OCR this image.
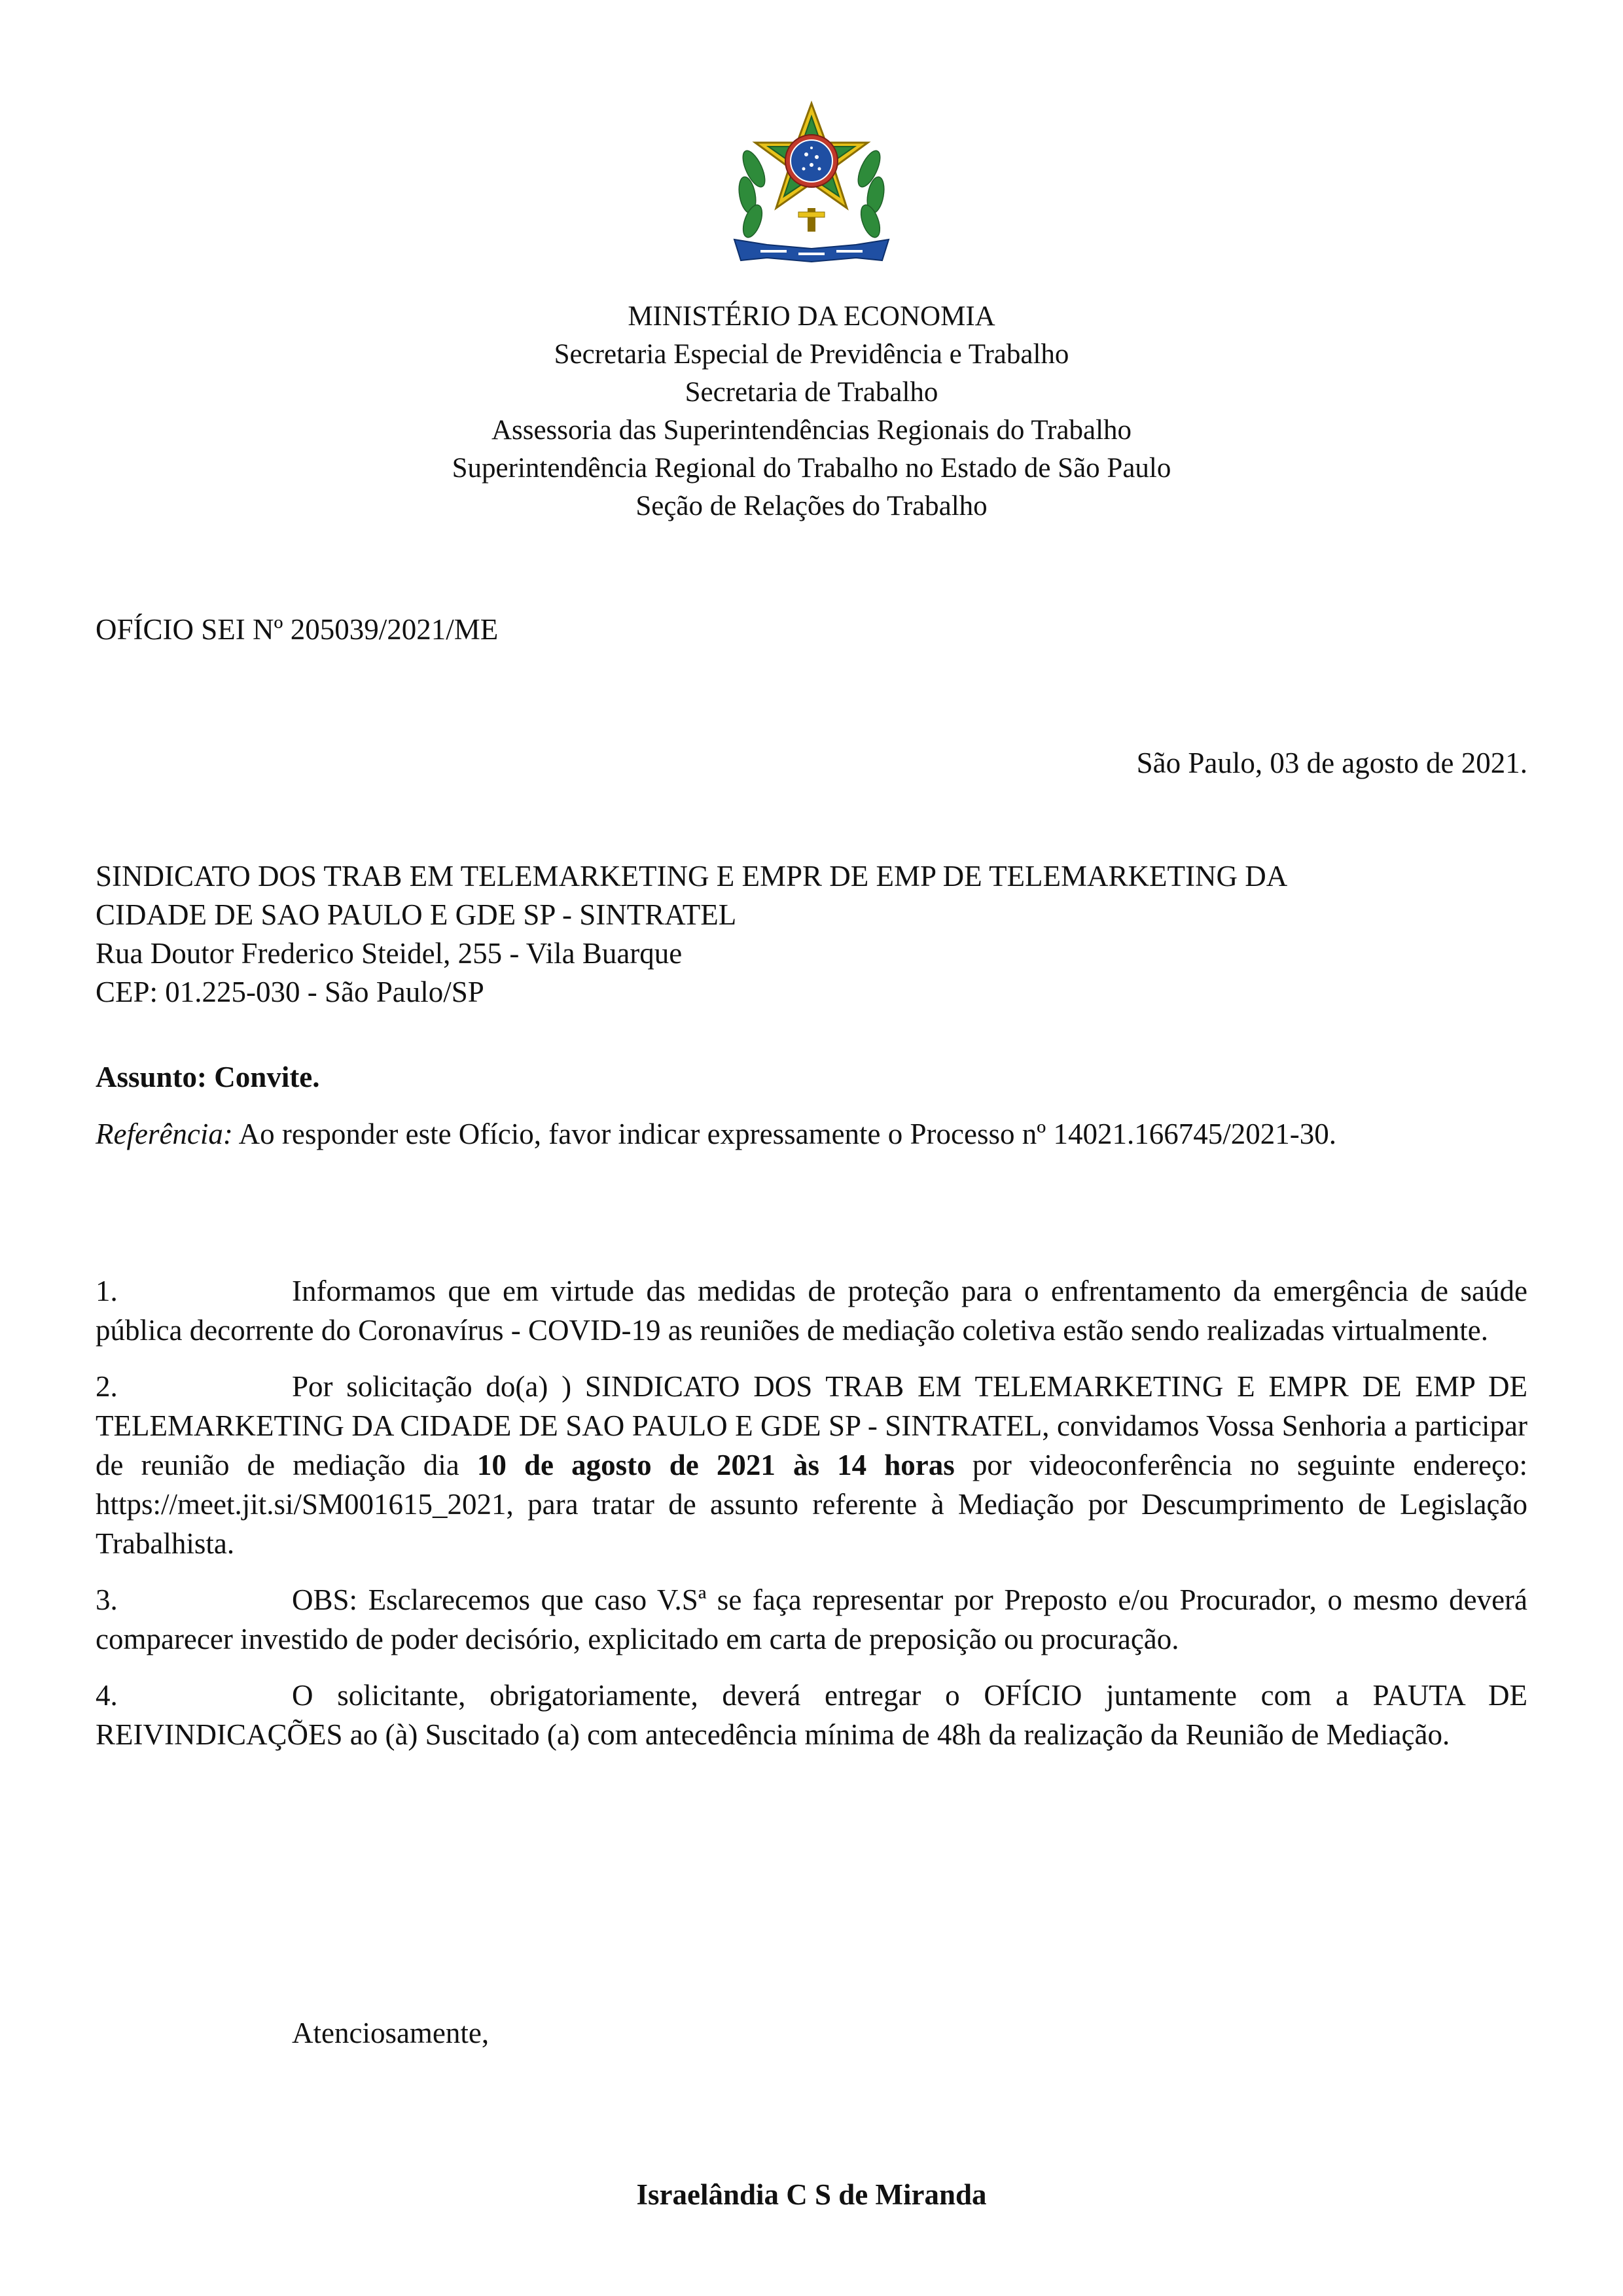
MINISTÉRIO DA ECONOMIA
Secretaria Especial de Previdência e Trabalho
Secretaria de Trabalho
Assessoria das Superintendências Regionais do Trabalho
Superintendência Regional do Trabalho no Estado de São Paulo
Seção de Relações do Trabalho
OFÍCIO SEI Nº 205039/2021/ME
São Paulo, 03 de agosto de 2021.
SINDICATO DOS TRAB EM TELEMARKETING E EMPR DE EMP DE TELEMARKETING DA
CIDADE DE SAO PAULO E GDE SP - SINTRATEL
Rua Doutor Frederico Steidel, 255 - Vila Buarque
CEP: 01.225-030 - São Paulo/SP
Assunto: Convite.
Referência: Ao responder este Ofício, favor indicar expressamente o Processo nº 14021.166745/2021-30.

1.	Informamos que em virtude das medidas de proteção para o enfrentamento da emergência de saúde pública decorrente do Coronavírus - COVID-19 as reuniões de mediação coletiva estão sendo realizadas virtualmente.

2.	Por solicitação do(a) ) SINDICATO DOS TRAB EM TELEMARKETING E EMPR DE EMP DE TELEMARKETING DA CIDADE DE SAO PAULO E GDE SP - SINTRATEL, convidamos Vossa Senhoria a participar de reunião de mediação dia 10 de agosto de 2021 às 14 horas por videoconferência no seguinte endereço: https://meet.jit.si/SM001615_2021, para tratar de assunto referente à Mediação por Descumprimento de Legislação Trabalhista.

3.	OBS: Esclarecemos que caso V.Sª se faça representar por Preposto e/ou Procurador, o mesmo deverá comparecer investido de poder decisório, explicitado em carta de preposição ou procuração.

4.	O solicitante, obrigatoriamente, deverá entregar o OFÍCIO juntamente com a PAUTA DE REIVINDICAÇÕES ao (à) Suscitado (a) com antecedência mínima de 48h da realização da Reunião de Mediação.

Atenciosamente,
Israelândia C S de Miranda
